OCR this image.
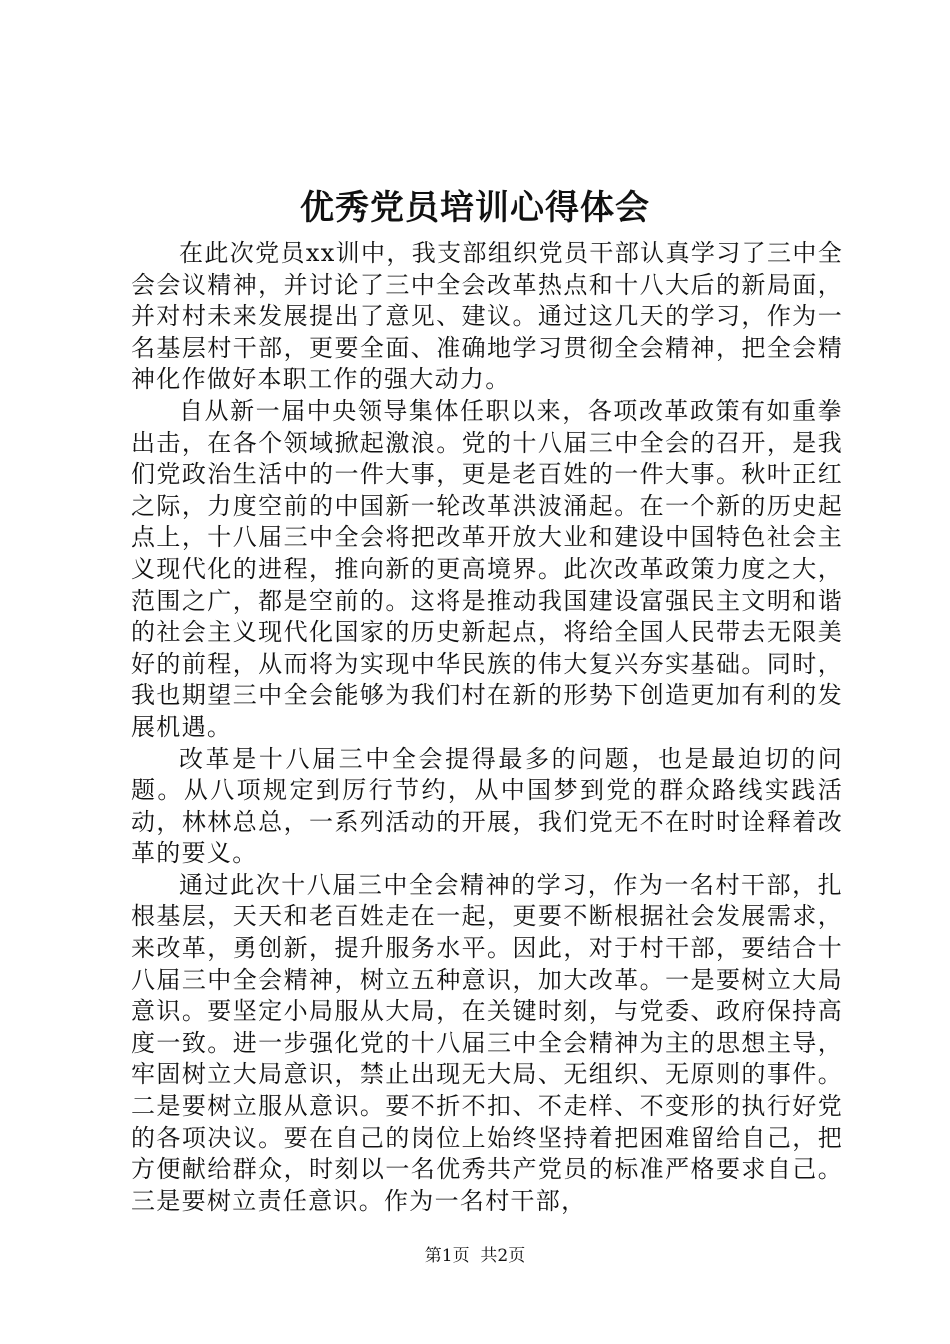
优秀党员培训心得体会

在此次党员xx训中，我支部组织党员干部认真学习了三中全会会议精神，并讨论了三中全会改革热点和十八大后的新局面，并对村未来发展提出了意见、建议。通过这几天的学习，作为一名基层村干部，更要全面、准确地学习贯彻全会精神，把全会精神化作做好本职工作的强大动力。

自从新一届中央领导集体任职以来，各项改革政策有如重拳出击，在各个领域掀起激浪。党的十八届三中全会的召开，是我们党政治生活中的一件大事，更是老百姓的一件大事。秋叶正红之际，力度空前的中国新一轮改革洪波涌起。在一个新的历史起点上，十八届三中全会将把改革开放大业和建设中国特色社会主义现代化的进程，推向新的更高境界。此次改革政策力度之大，范围之广，都是空前的。这将是推动我国建设富强民主文明和谐的社会主义现代化国家的历史新起点，将给全国人民带去无限美好的前程，从而将为实现中华民族的伟大复兴夯实基础。同时，我也期望三中全会能够为我们村在新的形势下创造更加有利的发展机遇。

改革是十八届三中全会提得最多的问题，也是最迫切的问题。从八项规定到厉行节约，从中国梦到党的群众路线实践活动，林林总总，一系列活动的开展，我们党无不在时时诠释着改革的要义。

通过此次十八届三中全会精神的学习，作为一名村干部，扎根基层，天天和老百姓走在一起，更要不断根据社会发展需求，来改革，勇创新，提升服务水平。因此，对于村干部，要结合十八届三中全会精神，树立五种意识，加大改革。一是要树立大局意识。要坚定小局服从大局，在关键时刻，与党委、政府保持高度一致。进一步强化党的十八届三中全会精神为主的思想主导，牢固树立大局意识，禁止出现无大局、无组织、无原则的事件。二是要树立服从意识。要不折不扣、不走样、不变形的执行好党的各项决议。要在自己的岗位上始终坚持着把困难留给自己，把方便献给群众，时刻以一名优秀共产党员的标准严格要求自己。三是要树立责任意识。作为一名村干部，

第1页 共2页
